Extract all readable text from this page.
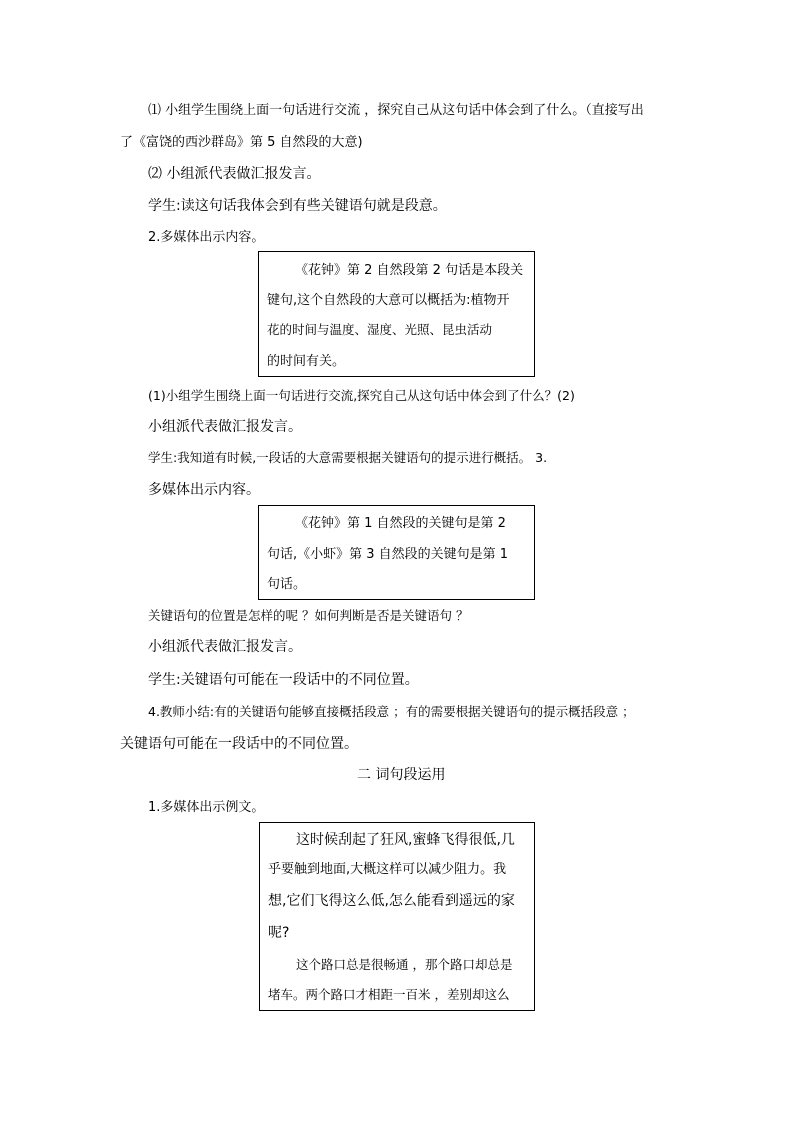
⑴ 小组学生围绕上面一句话进行交流 ，探究自己从这句话中体会到了什么。（直接写出
了《富饶的西沙群岛》第 5 自然段的大意)
⑵ 小组派代表做汇报发言。
学生:读这句话我体会到有些关键语句就是段意。
2.多媒体出示内容。
《花钟》第 2 自然段第 2 句话是本段关
键句,这个自然段的大意可以概括为:植物开
花的时间与温度、湿度、光照、昆虫活动
的时间有关。
(1)小组学生围绕上面一句话进行交流,探究自己从这句话中体会到了什么？(2)
小组派代表做汇报发言。
学生:我知道有时候,一段话的大意需要根据关键语句的提示进行概括。 3.
多媒体出示内容。
《花钟》第 1 自然段的关键句是第 2
句话,《小虾》第 3 自然段的关键句是第 1
句话。
关键语句的位置是怎样的呢 ？如何判断是否是关键语句 ？
小组派代表做汇报发言。
学生:关键语句可能在一段话中的不同位置。
4.教师小结:有的关键语句能够直接概括段意 ；有的需要根据关键语句的提示概括段意 ；
关键语句可能在一段话中的不同位置。
二 词句段运用
1.多媒体出示例文。
这时候刮起了狂风,蜜蜂飞得很低,几
乎要触到地面,大概这样可以减少阻力。我
想,它们飞得这么低,怎么能看到遥远的家
呢?
这个路口总是很畅通 ，那个路口却总是
堵车。两个路口才相距一百米 ，差别却这么
